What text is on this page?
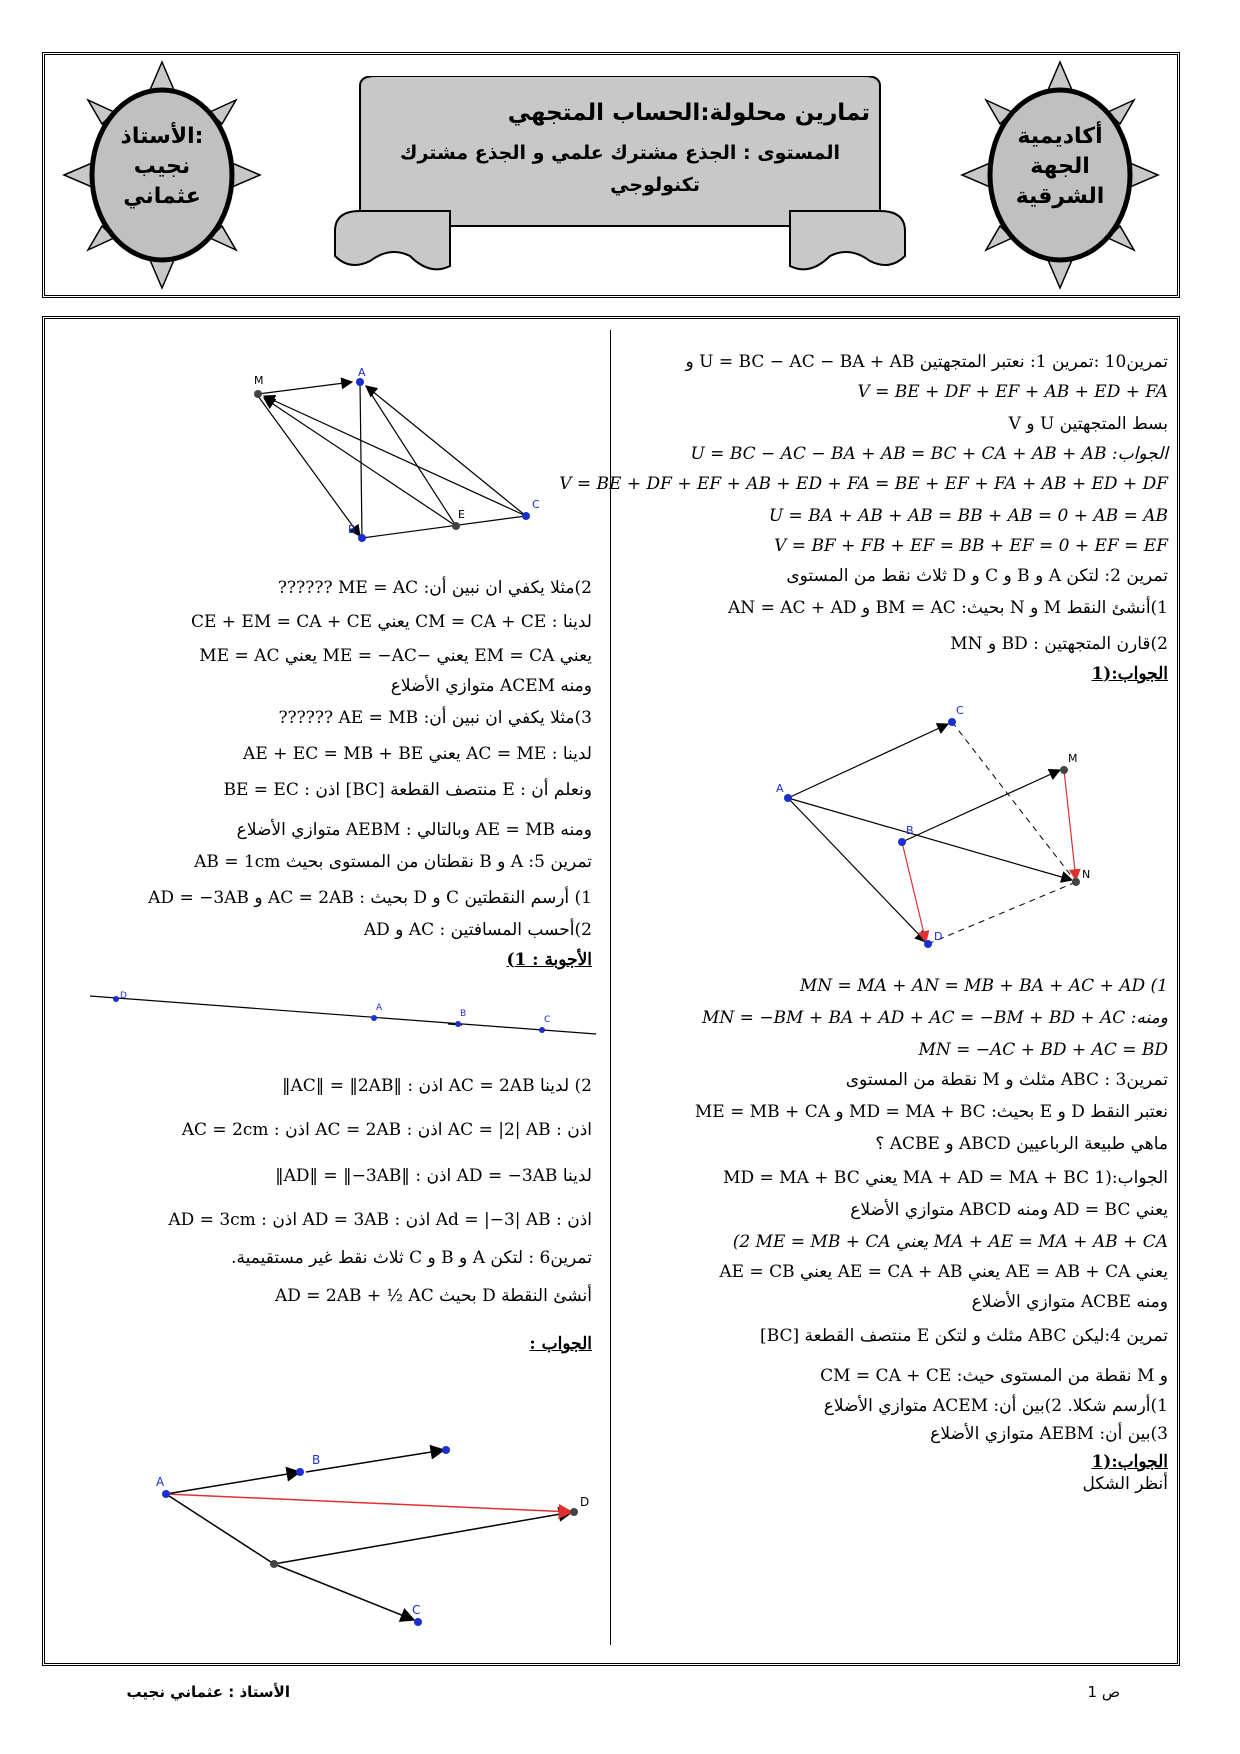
الأستاذ:
نجيب
عثماني
أكاديمية
الجهة
الشرقية
تمارين محلولة:الحساب المتجهي
المستوى : الجذع مشترك علمي و الجذع مشترك
تكنولوجي
تمرين10 :تمرين 1: نعتبر المتجهتين U = BC − AC − BA + AB و
V = BE + DF + EF + AB + ED + FA
بسط المتجهتين U و V
الجواب: U = BC − AC − BA + AB = BC + CA + AB + AB
V = BE + DF + EF + AB + ED + FA = BE + EF + FA + AB + ED + DF
U = BA + AB + AB = BB + AB = 0 + AB = AB
V = BF + FB + EF = BB + EF = 0 + EF = EF
تمرين 2: لتكن A و B و C و D ثلاث نقط من المستوى
1)أنشئ النقط M و N بحيث: BM = AC و AN = AC + AD
2)قارن المتجهتين : BD و MN
الجواب:(1
A
C
M
B
N
D
MN = MA + AN = MB + BA + AC + AD (1
ومنه: MN = −BM + BA + AD + AC = −BM + BD + AC
MN = −AC + BD + AC = BD
تمرين3 : ABC مثلث و M نقطة من المستوى
نعتبر النقط D و E بحيث: MD = MA + BC و ME = MB + CA
ماهي طبيعة الرباعيين ABCD و ACBE ؟
الجواب:(1 MA + AD = MA + BC يعني MD = MA + BC
يعني AD = BC ومنه ABCD متوازي الأضلاع
(2 ME = MB + CA يعني MA + AE = MA + AB + CA
يعني AE = AB + CA يعني AE = CA + AB يعني AE = CB
ومنه ACBE متوازي الأضلاع
تمرين 4:ليكن ABC مثلث و لتكن E منتصف القطعة [BC]
و M نقطة من المستوى حيث: CM = CA + CE
1)أرسم شكلا. 2)بين أن: ACEM متوازي الأضلاع
3)بين أن: AEBM متوازي الأضلاع
الجواب:(1
أنظر الشكل
M
A
B
E
C
2)مثلا يكفي ان نبين أن: ME = AC ??????
لدينا : CM = CA + CE يعني CE + EM = CA + CE
يعني EM = CA يعني −ME = −AC يعني ME = AC
ومنه ACEM متوازي الأضلاع
3)مثلا يكفي ان نبين أن: AE = MB ??????
لدينا : AC = ME يعني AE + EC = MB + BE
ونعلم أن : E منتصف القطعة [BC] اذن : BE = EC
ومنه AE = MB وبالتالي : AEBM متوازي الأضلاع
تمرين 5: A و B نقطتان من المستوى بحيث AB = 1cm
1) أرسم النقطتين C و D بحيث : AC = 2AB و AD = −3AB
2)أحسب المسافتين : AC و AD
الأجوبة : 1)
D
A
B
C
2) لدينا AC = 2AB اذن : ‖AC‖ = ‖2AB‖
اذن : AC = |2| AB اذن : AC = 2AB اذن : AC = 2cm
لدينا AD = −3AB اذن : ‖AD‖ = ‖−3AB‖
اذن : Ad = |−3| AB اذن : AD = 3AB اذن : AD = 3cm
تمرين6 : لتكن A و B و C ثلاث نقط غير مستقيمية.
أنشئ النقطة D بحيث AD = 2AB + ½ AC
الجواب :
A
B
D
C
الأستاذ : عثماني نجيب	ص 1
